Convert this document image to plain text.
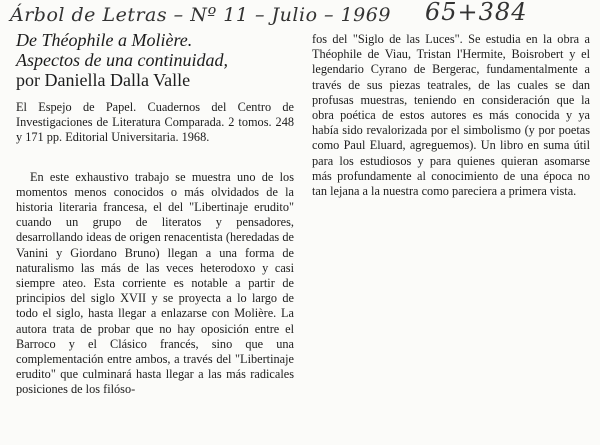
Árbol de Letras – Nº 11 – Julio – 1969 65+384
De Théophile a Molière.
Aspectos de una continuidad,
por Daniella Dalla Valle

El Espejo de Papel. Cuadernos del Centro de Investigaciones de Literatura Comparada. 2 tomos. 248 y 171 pp. Editorial Universitaria. 1968.

En este exhaustivo trabajo se muestra uno de los momentos menos conocidos o más olvidados de la historia literaria francesa, el del "Libertinaje erudito" cuando un grupo de literatos y pensadores, desarrollando ideas de origen renacentista (heredadas de Vanini y Giordano Bruno) llegan a una forma de naturalismo las más de las veces heterodoxo y casi siempre ateo. Esta corriente es notable a partir de principios del siglo XVII y se proyecta a lo largo de todo el siglo, hasta llegar a enlazarse con Molière. La autora trata de probar que no hay oposición entre el Barroco y el Clásico francés, sino que una complementación entre ambos, a través del "Libertinaje erudito" que culminará hasta llegar a las más radicales posiciones de los filóso-

fos del "Siglo de las Luces". Se estudia en la obra a Théophile de Viau, Tristan l'Hermite, Boisrobert y el legendario Cyrano de Bergerac, fundamentalmente a través de sus piezas teatrales, de las cuales se dan profusas muestras, teniendo en consideración que la obra poética de estos autores es más conocida y ya había sido revalorizada por el simbolismo (y por poetas como Paul Eluard, agreguemos). Un libro en suma útil para los estudiosos y para quienes quieran asomarse más profundamente al conocimiento de una época no tan lejana a la nuestra como pareciera a primera vista.
